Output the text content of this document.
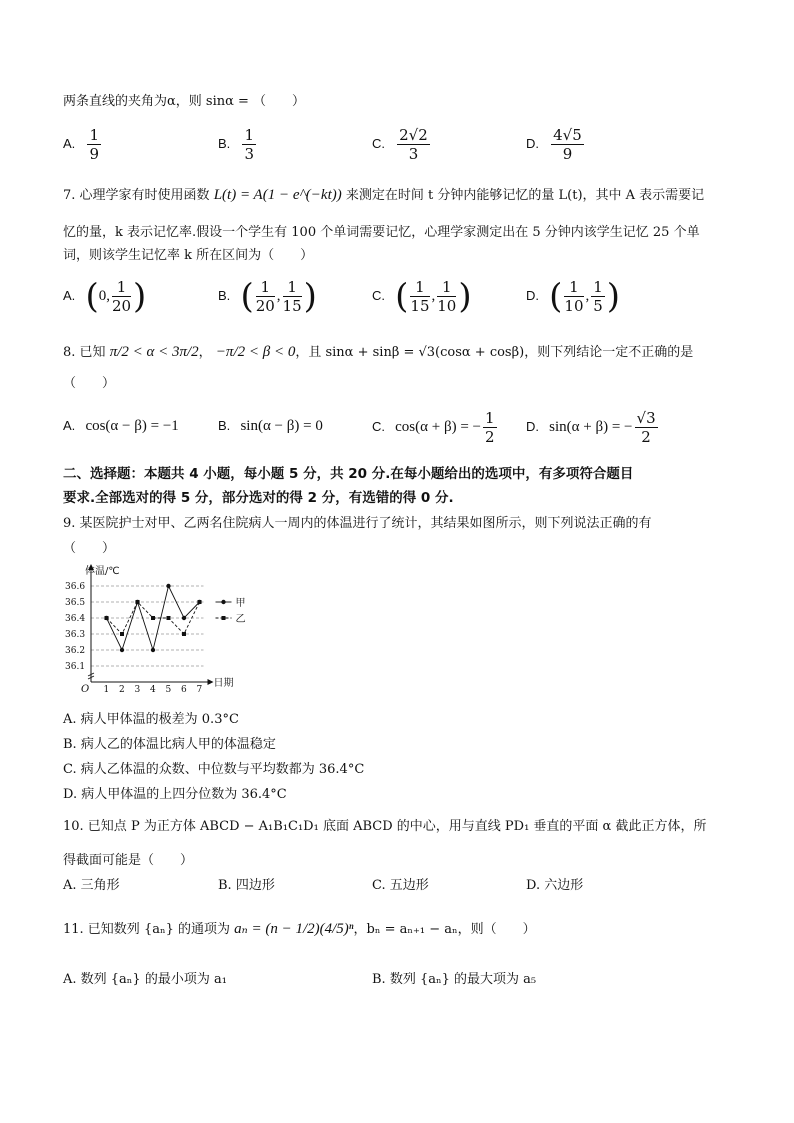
两条直线的夹角为α，则 sinα = （　　）
A. $\frac{1}{9}$	B. $\frac{1}{3}$	C. $\frac{2√2}{3}$	D. $\frac{4√5}{9}$
7. 心理学家有时使用函数 L(t) = A(1 − e^(−kt)) 来测定在时间 t 分钟内能够记忆的量 L(t)，其中 A 表示需要记
忆的量，k 表示记忆率.假设一个学生有 100 个单词需要记忆，心理学家测定出在 5 分钟内该学生记忆 25 个单
词，则该学生记忆率 k 所在区间为（　　）
A. (0, $\frac{1}{20}$ )	B. ( $\frac{1}{20}$ , $\frac{1}{15}$ )	C. ( $\frac{1}{15}$ , $\frac{1}{10}$ )	D. ( $\frac{1}{10}$ , $\frac{1}{5}$ )
8. 已知 π/2 < α < 3π/2， −π/2 < β < 0，且 sinα + sinβ = √3(cosα + cosβ)，则下列结论一定不正确的是
（　　）
A. cos(α − β) = −1	B. sin(α − β) = 0	C. cos(α + β) = − $\frac{1}{2} D$. sin(α + β) = − $\frac{√3}{2}$
二、选择题：本题共 4 小题，每小题 5 分，共 20 分.在每小题给出的选项中，有多项符合题目
要求.全部选对的得 5 分，部分选对的得 2 分，有选错的得 0 分.
9. 某医院护士对甲、乙两名住院病人一周内的体温进行了统计，其结果如图所示，则下列说法正确的有
（　　）
36.6
36.5
36.4
36.3
36.2
36.1
体温/℃
日期
O 1 2 3 4 5 6 7
甲
乙
A. 病人甲体温的极差为 0.3°C
B. 病人乙的体温比病人甲的体温稳定
C. 病人乙体温的众数、中位数与平均数都为 36.4°C
D. 病人甲体温的上四分位数为 36.4°C
10. 已知点 P 为正方体 ABCD − A₁B₁C₁D₁ 底面 ABCD 的中心，用与直线 PD₁ 垂直的平面 α 截此正方体，所
得截面可能是（　　）
A. 三角形	B. 四边形	C. 五边形	D. 六边形
11. 已知数列 {aₙ} 的通项为 aₙ = (n − 1/2)(4/5)ⁿ，bₙ = aₙ₊₁ − aₙ，则（　　）
A. 数列 {aₙ} 的最小项为 a₁	B. 数列 {aₙ} 的最大项为 a₅
